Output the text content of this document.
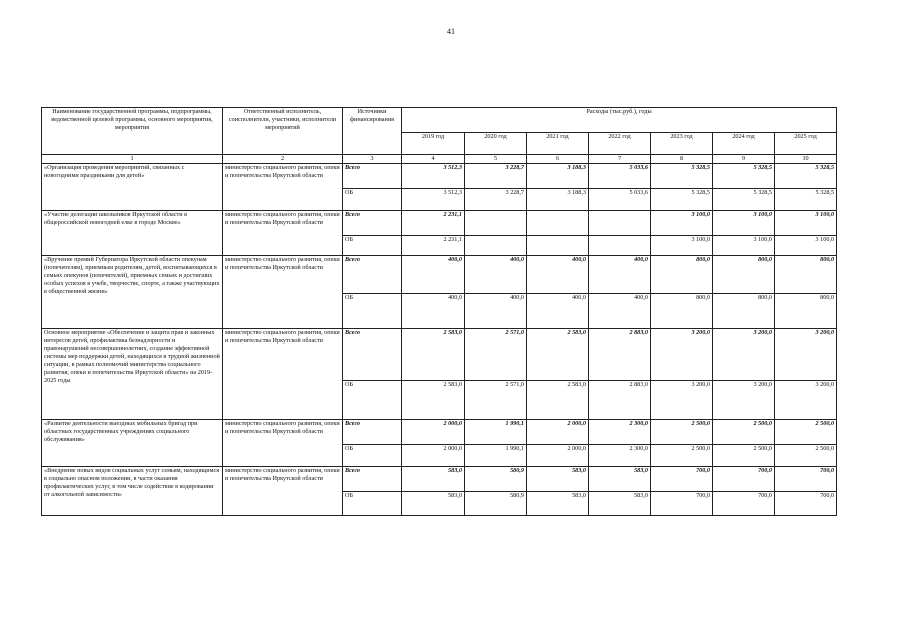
41
Наименование государственной программы, подпрограммы, ведомственной целевой программы, основного мероприятия, мероприятия	Ответственный исполнитель, соисполнители, участники, исполнители мероприятий	Источники финансирования	Расходы (тыс.руб.), годы						
			2019 год	2020 год	2021 год	2022 год	2023 год	2024 год	2025 год
1	2	3	4	5	6	7	8	9	10
«Организация проведения мероприятий, связанных с новогодними праздниками для детей»	министерство социального развития, опеки и попечительства Иркутской области	Всего	3 512,3	3 228,7	3 188,3	5 033,6	5 328,5	5 328,5	5 328,5
		ОБ	3 512,3	3 228,7	3 188,3	5 033,6	5 328,5	5 328,5	5 328,5
«Участие делегации школьников Иркутской области в общероссийской новогодней елке в городе Москве»	министерство социального развития, опеки и попечительства Иркутской области	Всего	2 231,1				3 100,0	3 100,0	3 100,0
		ОБ	2 231,1				3 100,0	3 100,0	3 100,0
«Вручение премий Губернатора Иркутской области опекунам (попечителям), приемным родителям, детей, воспитывающихся в семьях опекунов (попечителей), приемных семьях и достигших особых успехов в учебе, творчестве, спорте, а также участвующих в общественной жизни»	министерство социального развития, опеки и попечительства Иркутской области	Всего	400,0	400,0	400,0	400,0	800,0	800,0	800,0
		ОБ	400,0	400,0	400,0	400,0	800,0	800,0	800,0
Основное мероприятие «Обеспечение и защита прав и законных интересов детей, профилактика безнадзорности и правонарушений несовершеннолетних, создание эффективной системы мер поддержки детей, находящихся в трудной жизненной ситуации, в рамках полномочий министерства социального развития, опеки и попечительства Иркутской области» на 2019-2025 годы	министерство социального развития, опеки и попечительства Иркутской области	Всего	2 583,0	2 571,0	2 583,0	2 883,0	3 200,0	3 200,0	3 200,0
		ОБ	2 583,0	2 571,0	2 583,0	2 883,0	3 200,0	3 200,0	3 200,0
«Развитие деятельности выездных мобильных бригад при областных государственных учреждениях социального обслуживания»	министерство социального развития, опеки и попечительства Иркутской области	Всего	2 000,0	1 990,1	2 000,0	2 300,0	2 500,0	2 500,0	2 500,0
		ОБ	2 000,0	1 990,1	2 000,0	2 300,0	2 500,0	2 500,0	2 500,0
«Внедрение новых видов социальных услуг семьям, находящимся в социально опасном положении, в части оказания профилактических услуг, в том числе содействие в кодировании от алкогольной зависимости»	министерство социального развития, опеки и попечительства Иркутской области	Всего	583,0	580,9	583,0	583,0	700,0	700,0	700,0
		ОБ	583,0	580,9	583,0	583,0	700,0	700,0	700,0
